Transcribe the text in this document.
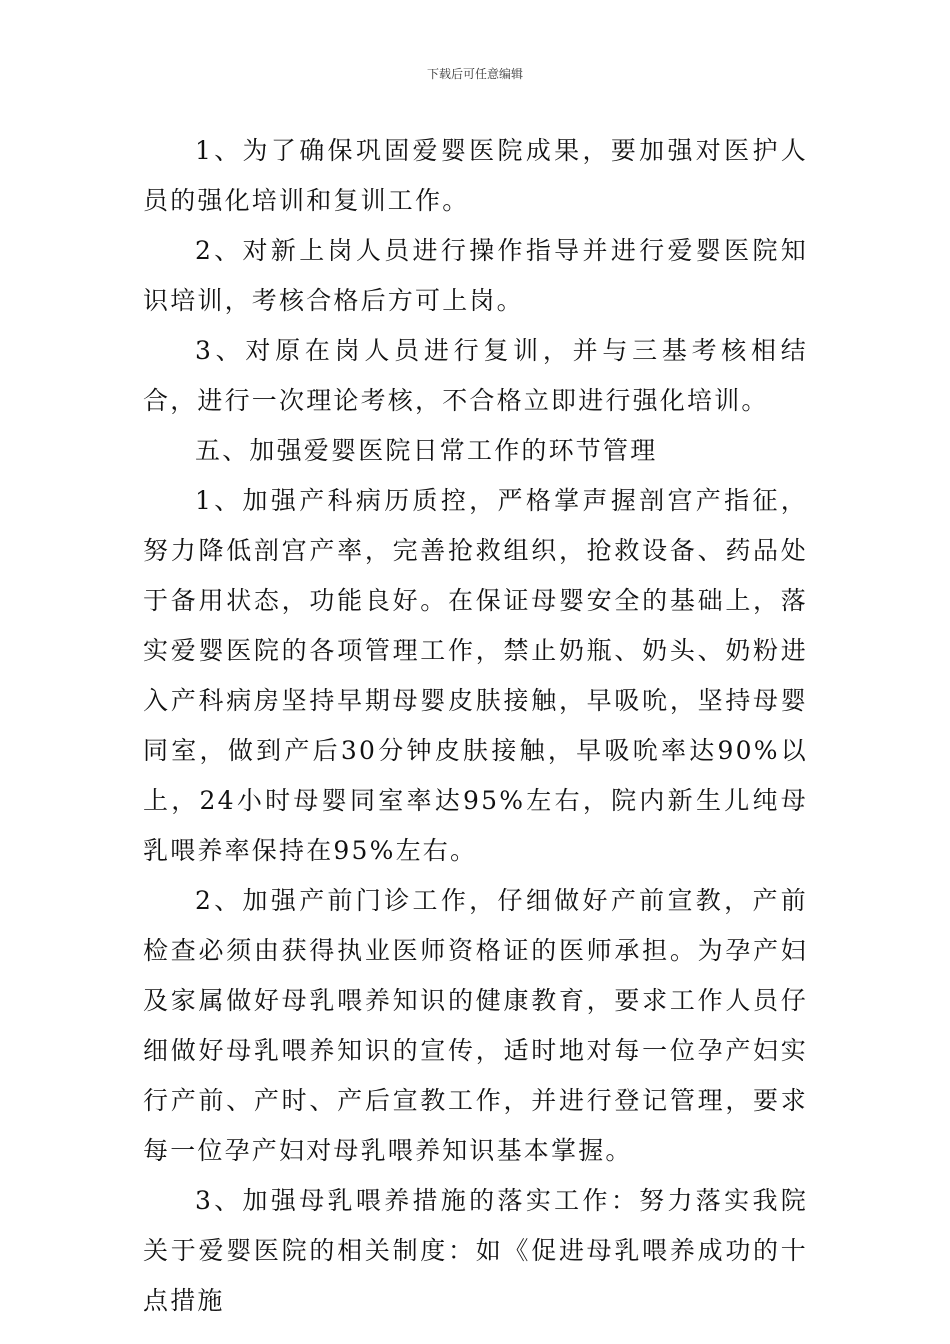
下载后可任意编辑

1、为了确保巩固爱婴医院成果，要加强对医护人员的强化培训和复训工作。

2、对新上岗人员进行操作指导并进行爱婴医院知识培训，考核合格后方可上岗。

3、对原在岗人员进行复训，并与三基考核相结合，进行一次理论考核，不合格立即进行强化培训。

五、加强爱婴医院日常工作的环节管理

1、加强产科病历质控，严格掌声握剖宫产指征，努力降低剖宫产率，完善抢救组织，抢救设备、药品处于备用状态，功能良好。在保证母婴安全的基础上，落实爱婴医院的各项管理工作，禁止奶瓶、奶头、奶粉进入产科病房坚持早期母婴皮肤接触，早吸吮，坚持母婴同室，做到产后30分钟皮肤接触，早吸吮率达90%以上，24小时母婴同室率达95%左右，院内新生儿纯母乳喂养率保持在95%左右。

2、加强产前门诊工作，仔细做好产前宣教，产前检查必须由获得执业医师资格证的医师承担。为孕产妇及家属做好母乳喂养知识的健康教育，要求工作人员仔细做好母乳喂养知识的宣传，适时地对每一位孕产妇实行产前、产时、产后宣教工作，并进行登记管理，要求每一位孕产妇对母乳喂养知识基本掌握。

3、加强母乳喂养措施的落实工作：努力落实我院关于爱婴医院的相关制度：如《促进母乳喂养成功的十点措施
